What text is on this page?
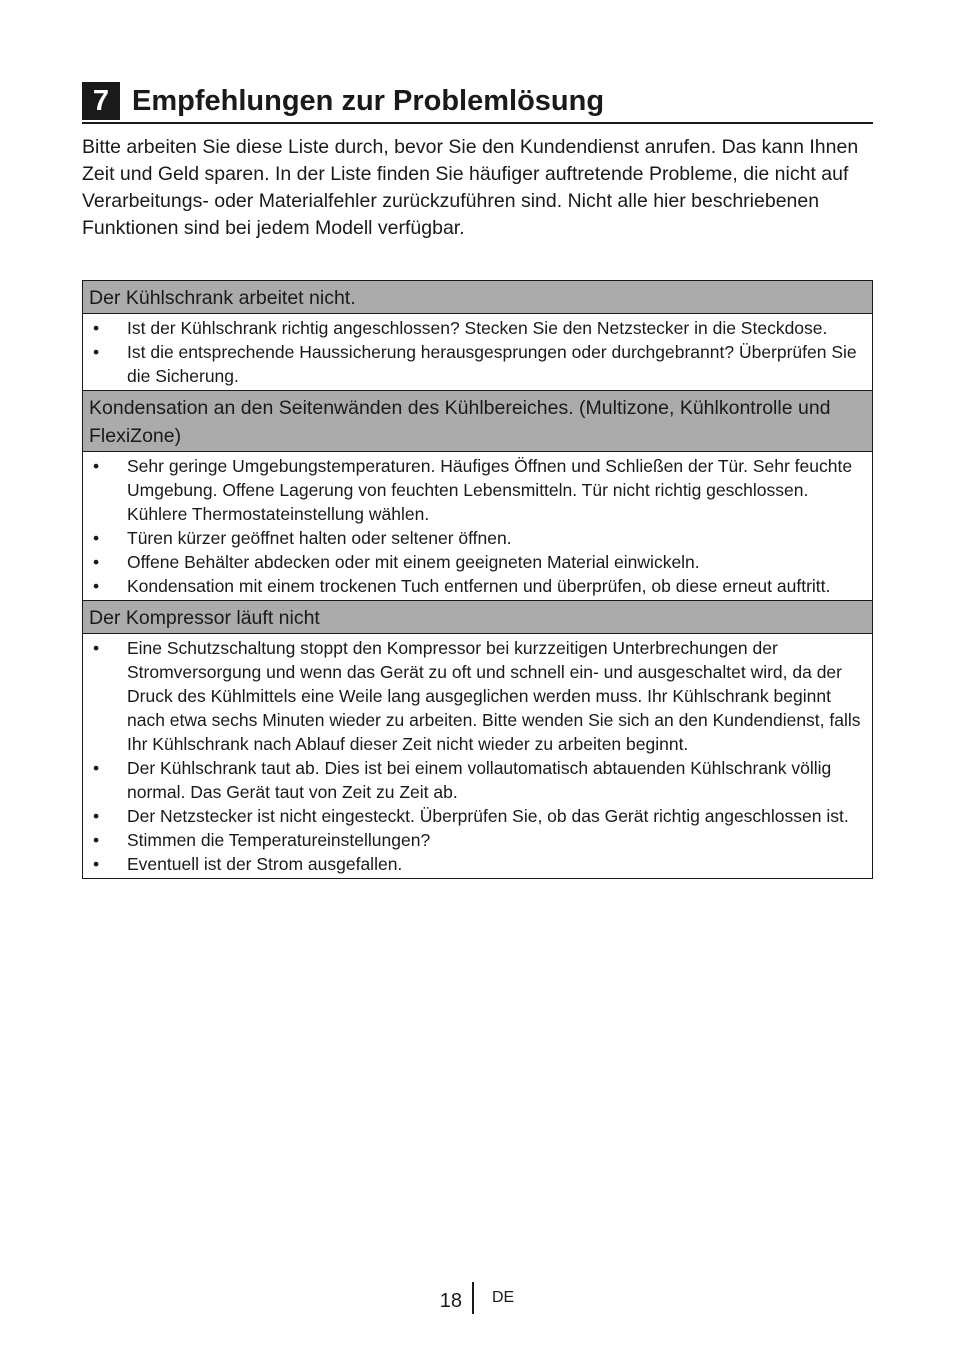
7 Empfehlungen zur Problemlösung

Bitte arbeiten Sie diese Liste durch, bevor Sie den Kundendienst anrufen. Das kann Ihnen Zeit und Geld sparen. In der Liste finden Sie häufiger auftretende Probleme, die nicht auf Verarbeitungs- oder Materialfehler zurückzuführen sind. Nicht alle hier beschriebenen Funktionen sind bei jedem Modell verfügbar.

Der Kühlschrank arbeitet nicht.
• Ist der Kühlschrank richtig angeschlossen? Stecken Sie den Netzstecker in die Steckdose.
• Ist die entsprechende Haussicherung herausgesprungen oder durchgebrannt? Überprüfen Sie die Sicherung.
Kondensation an den Seitenwänden des Kühlbereiches. (Multizone, Kühlkontrolle und FlexiZone)
• Sehr geringe Umgebungstemperaturen. Häufiges Öffnen und Schließen der Tür. Sehr feuchte Umgebung. Offene Lagerung von feuchten Lebensmitteln. Tür nicht richtig geschlossen. Kühlere Thermostateinstellung wählen.
• Türen kürzer geöffnet halten oder seltener öffnen.
• Offene Behälter abdecken oder mit einem geeigneten Material einwickeln.
• Kondensation mit einem trockenen Tuch entfernen und überprüfen, ob diese erneut auftritt.
Der Kompressor läuft nicht
• Eine Schutzschaltung stoppt den Kompressor bei kurzzeitigen Unterbrechungen der Stromversorgung und wenn das Gerät zu oft und schnell ein- und ausgeschaltet wird, da der Druck des Kühlmittels eine Weile lang ausgeglichen werden muss. Ihr Kühlschrank beginnt nach etwa sechs Minuten wieder zu arbeiten. Bitte wenden Sie sich an den Kundendienst, falls Ihr Kühlschrank nach Ablauf dieser Zeit nicht wieder zu arbeiten beginnt.
• Der Kühlschrank taut ab. Dies ist bei einem vollautomatisch abtauenden Kühlschrank völlig normal. Das Gerät taut von Zeit zu Zeit ab.
• Der Netzstecker ist nicht eingesteckt. Überprüfen Sie, ob das Gerät richtig angeschlossen ist.
• Stimmen die Temperatureinstellungen?
• Eventuell ist der Strom ausgefallen.
18 DE
